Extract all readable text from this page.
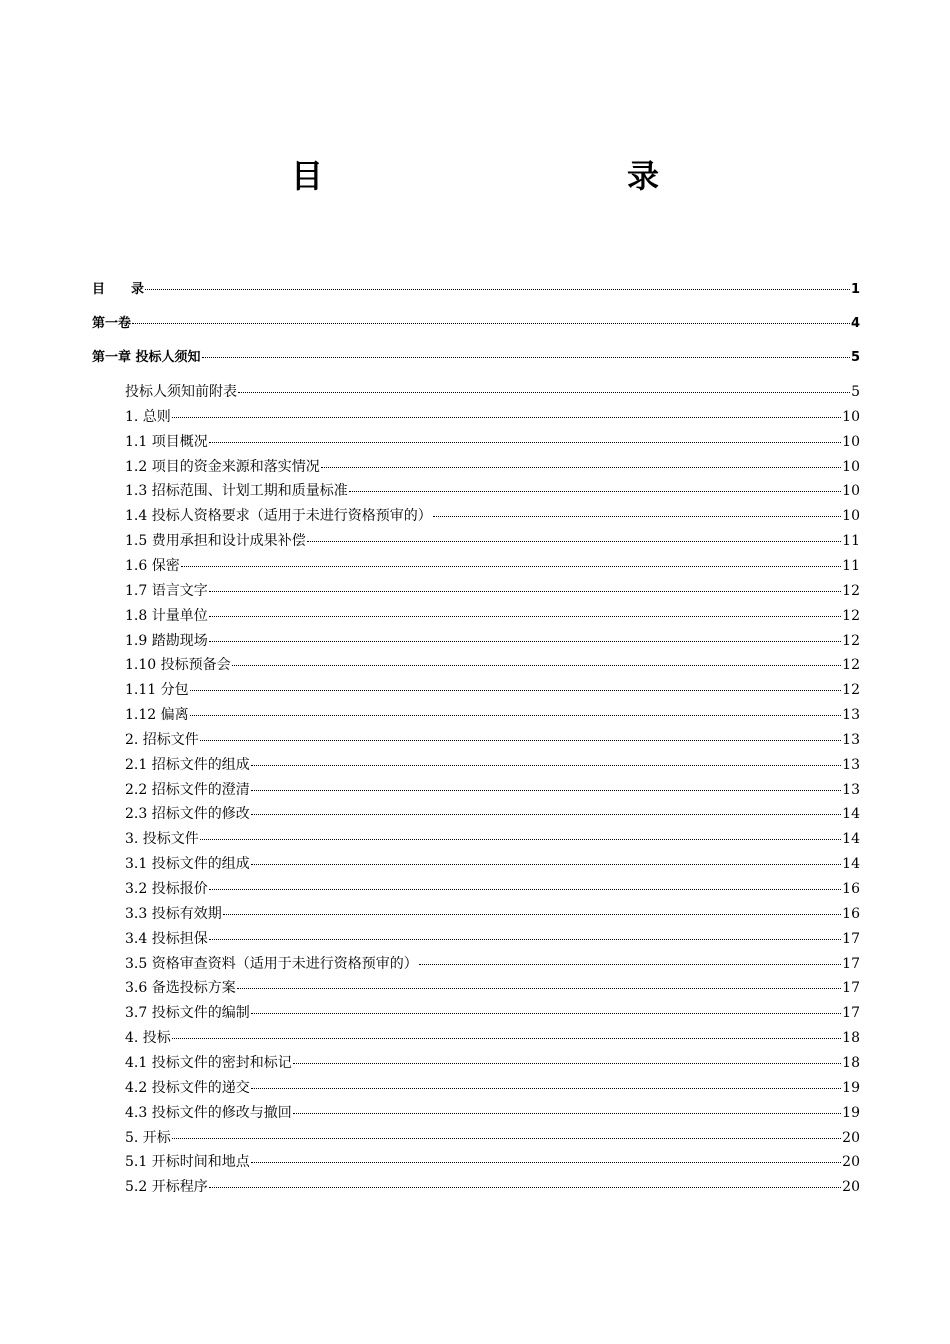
目　　录
目　　录	1
第一卷	4
第一章 投标人须知	5
投标人须知前附表	5
1. 总则	10
1.1 项目概况	10
1.2 项目的资金来源和落实情况	10
1.3 招标范围、计划工期和质量标准	10
1.4 投标人资格要求（适用于未进行资格预审的）	10
1.5 费用承担和设计成果补偿	11
1.6 保密	11
1.7 语言文字	12
1.8 计量单位	12
1.9 踏勘现场	12
1.10 投标预备会	12
1.11 分包	12
1.12 偏离	13
2. 招标文件	13
2.1 招标文件的组成	13
2.2 招标文件的澄清	13
2.3 招标文件的修改	14
3. 投标文件	14
3.1 投标文件的组成	14
3.2 投标报价	16
3.3 投标有效期	16
3.4 投标担保	17
3.5 资格审查资料（适用于未进行资格预审的）	17
3.6 备选投标方案	17
3.7 投标文件的编制	17
4. 投标	18
4.1 投标文件的密封和标记	18
4.2 投标文件的递交	19
4.3 投标文件的修改与撤回	19
5. 开标	20
5.1 开标时间和地点	20
5.2 开标程序	20
